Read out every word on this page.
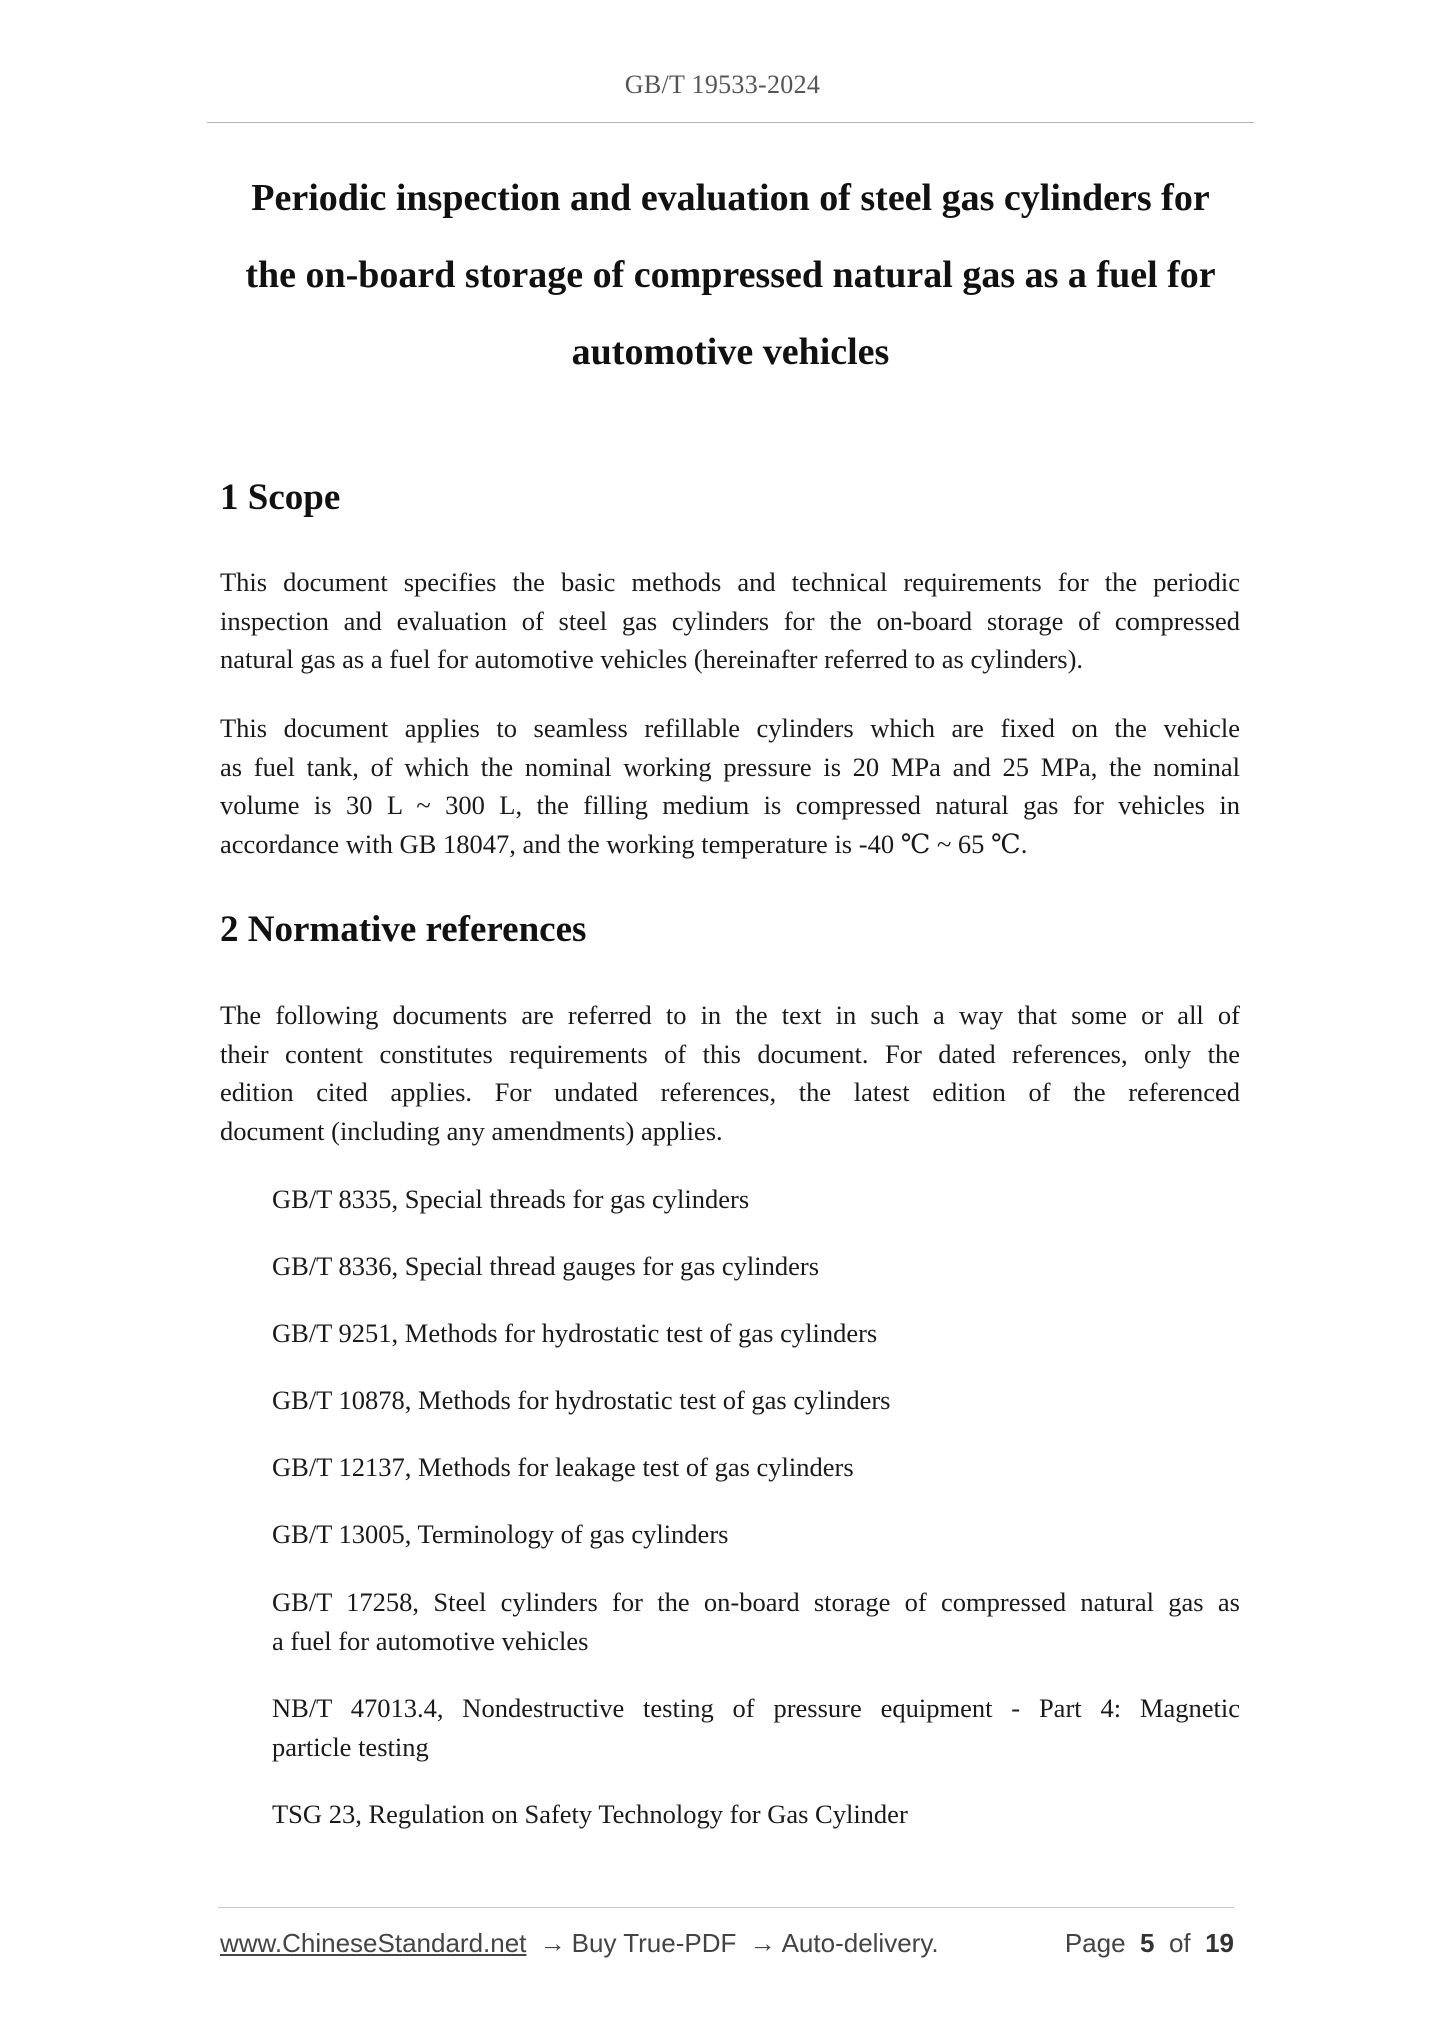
GB/T 19533-2024
Periodic inspection and evaluation of steel gas cylinders for
the on-board storage of compressed natural gas as a fuel for
automotive vehicles
1 Scope
This document specifies the basic methods and technical requirements for the periodic
inspection and evaluation of steel gas cylinders for the on-board storage of compressed
natural gas as a fuel for automotive vehicles (hereinafter referred to as cylinders).
This document applies to seamless refillable cylinders which are fixed on the vehicle
as fuel tank, of which the nominal working pressure is 20 MPa and 25 MPa, the nominal
volume is 30 L ~ 300 L, the filling medium is compressed natural gas for vehicles in
accordance with GB 18047, and the working temperature is -40 ℃ ~ 65 ℃.
2 Normative references
The following documents are referred to in the text in such a way that some or all of
their content constitutes requirements of this document. For dated references, only the
edition cited applies. For undated references, the latest edition of the referenced
document (including any amendments) applies.
GB/T 8335, Special threads for gas cylinders
GB/T 8336, Special thread gauges for gas cylinders
GB/T 9251, Methods for hydrostatic test of gas cylinders
GB/T 10878, Methods for hydrostatic test of gas cylinders
GB/T 12137, Methods for leakage test of gas cylinders
GB/T 13005, Terminology of gas cylinders
GB/T 17258, Steel cylinders for the on-board storage of compressed natural gas as
a fuel for automotive vehicles
NB/T 47013.4, Nondestructive testing of pressure equipment - Part 4: Magnetic
particle testing
TSG 23, Regulation on Safety Technology for Gas Cylinder
www.ChineseStandard.net → Buy True-PDF → Auto-delivery.	Page 5 of 19
